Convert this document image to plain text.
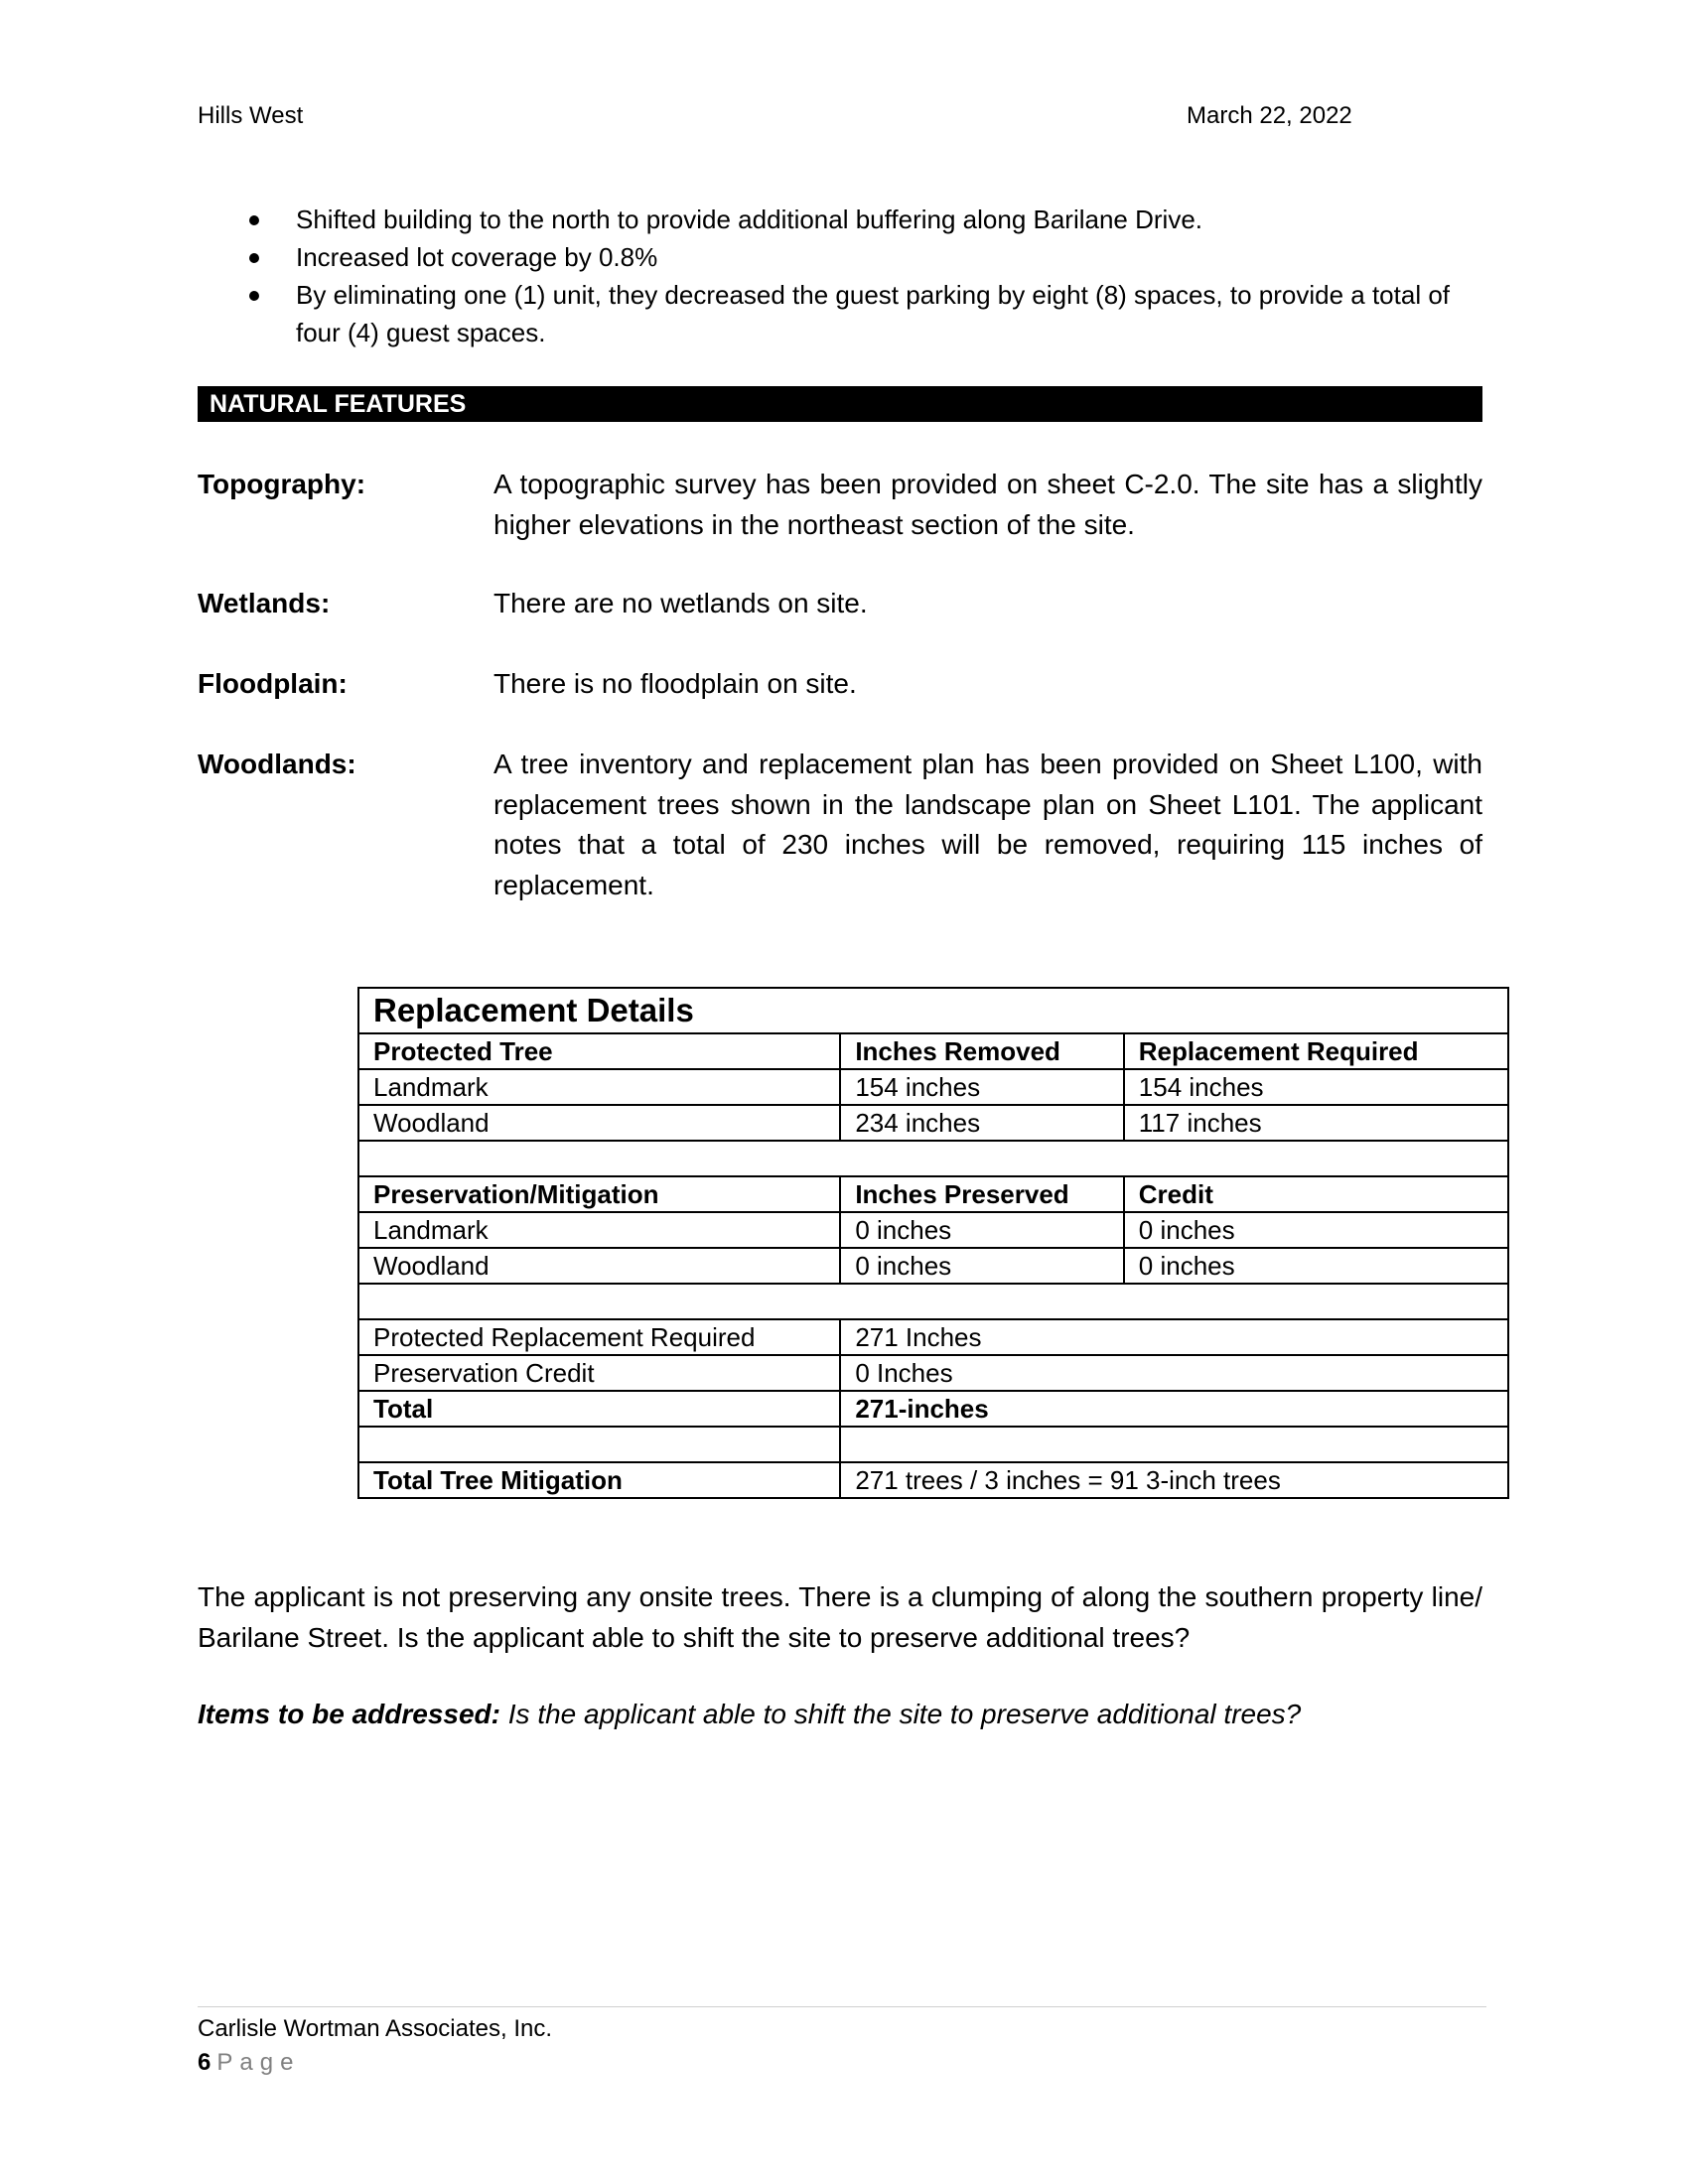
Hills West	March 22, 2022
Shifted building to the north to provide additional buffering along Barilane Drive.
Increased lot coverage by 0.8%
By eliminating one (1) unit, they decreased the guest parking by eight (8) spaces, to provide a total of four (4) guest spaces.
NATURAL FEATURES
Topography:	A topographic survey has been provided on sheet C-2.0. The site has a slightly higher elevations in the northeast section of the site.
Wetlands:	There are no wetlands on site.
Floodplain:	There is no floodplain on site.
Woodlands:	A tree inventory and replacement plan has been provided on Sheet L100, with replacement trees shown in the landscape plan on Sheet L101. The applicant notes that a total of 230 inches will be removed, requiring 115 inches of replacement.
Replacement Details		
Protected Tree	Inches Removed	Replacement Required
Landmark	154 inches	154 inches
Woodland	234 inches	117 inches

Preservation/Mitigation	Inches Preserved	Credit
Landmark	0 inches	0 inches
Woodland	0 inches	0 inches

Protected Replacement Required	271 Inches	
Preservation Credit	0 Inches	
Total	271-inches	

Total Tree Mitigation	271 trees / 3 inches = 91 3-inch trees	
The applicant is not preserving any onsite trees. There is a clumping of along the southern property line/ Barilane Street. Is the applicant able to shift the site to preserve additional trees?
Items to be addressed: Is the applicant able to shift the site to preserve additional trees?
Carlisle Wortman Associates, Inc.
6 Page
